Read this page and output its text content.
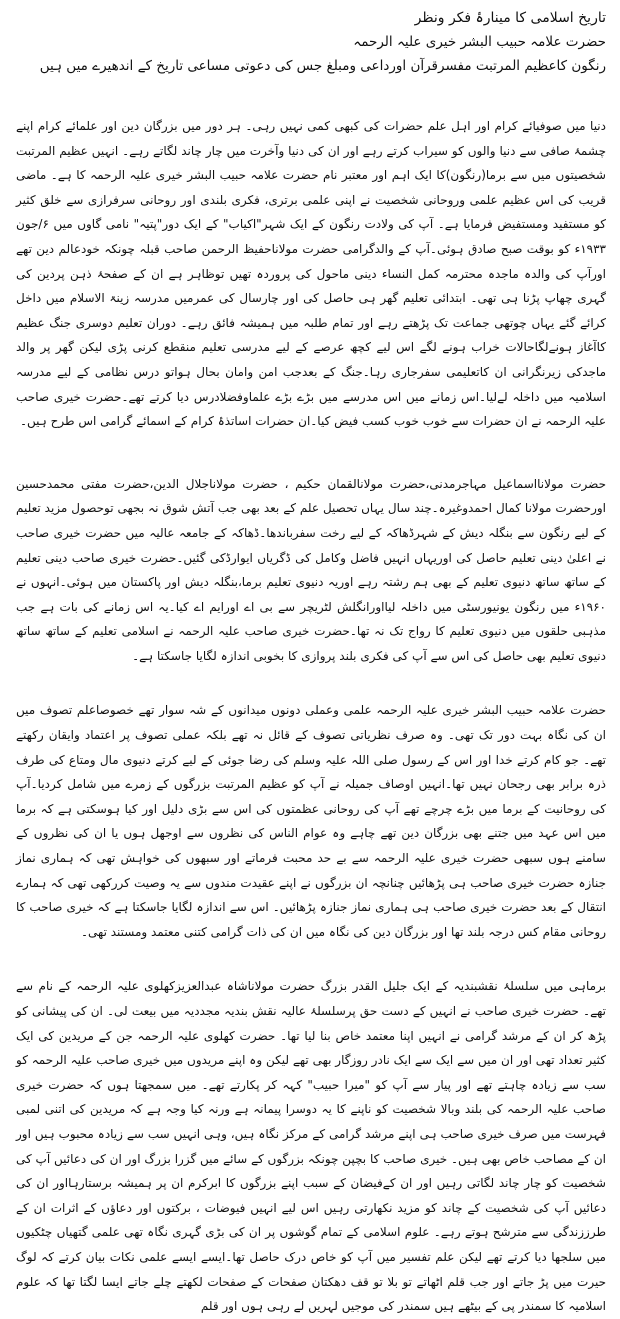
تاریخ اسلامی کا مینارۂ فکر ونظر

حضرت علامہ حبیب البشر خیری علیہ الرحمہ

رنگون کاعظیم المرتبت مفسرقرآن اورداعی ومبلغ جس کی دعوتی مساعی تاریخ کے اندھیرے میں ہیں

دنیا میں صوفیائے کرام اور اہل علم حضرات کی کبھی کمی نہیں رہی۔ ہر دور میں بزرگان دین اور علمائے کرام اپنے چشمۂ صافی سے دنیا والوں کو سیراب کرتے رہے اور ان کی دنیا وآخرت میں چار چاند لگاتے رہے۔ انہیں عظیم المرتبت شخصیتوں میں سے برما(رنگون)کا ایک اہم اور معتبر نام حضرت علامہ حبیب البشر خیری علیہ الرحمہ کا ہے۔ ماضی قریب کی اس عظیم علمی وروحانی شخصیت نے اپنی علمی برتری، فکری بلندی اور روحانی سرفرازی سے خلق کثیر کو مستفید ومستفیض فرمایا ہے۔ آپ کی ولادت رنگون کے ایک شہر"اکیاب" کے ایک دور"پتیہ" نامی گاوں میں ۶/جون ۱۹۳۳ء کو بوقت صبح صادق ہوئی۔آپ کے والدگرامی حضرت مولاناحفیظ الرحمن صاحب قبلہ چونکہ خودعالم دین تھے اورآپ کی والدہ ماجدہ محترمہ کمل النساء دینی ماحول کی پروردہ تھیں توظاہر ہے ان کے صفحۂ ذہن پردین کی گہری چھاپ پڑنا ہی تھی۔ ابتدائی تعلیم گھر ہی حاصل کی اور چارسال کی عمرمیں مدرسہ زینۃ الاسلام میں داخل کرائے گئے یہاں چوتھی جماعت تک پڑھتے رہے اور تمام طلبہ میں ہمیشہ فائق رہے۔ دوران تعلیم دوسری جنگ عظیم کاآغاز ہونےلگاحالات خراب ہونے لگے اس لیے کچھ عرصے کے لیے مدرسی تعلیم منقطع کرنی پڑی لیکن گھر پر والد ماجدکی زیرنگرانی ان کاتعلیمی سفرجاری رہا۔جنگ کے بعدجب امن وامان بحال ہواتو درس نظامی کے لیے مدرسہ اسلامیہ میں داخلہ لےلیا۔اس زمانے میں اس مدرسے میں بڑے بڑے علماوفضلادرس دیا کرتے تھے۔حضرت خیری صاحب علیہ الرحمہ نے ان حضرات سے خوب خوب کسب فیض کیا۔ان حضرات اساتذۂ کرام کے اسمائے گرامی اس طرح ہیں۔

حضرت مولانااسماعیل مہاجرمدنی،حضرت مولانالقمان حکیم ، حضرت مولاناجلال الدین،حضرت مفتی محمدحسین اورحضرت مولانا کمال احمدوغیرہ۔چند سال یہاں تحصیل علم کے بعد بھی جب آتش شوق نہ بجھی توحصول مزید تعلیم کے لیے رنگون سے بنگلہ دیش کے شہرڈھاکہ کے لیے رخت سفرباندھا۔ڈھاکہ کے جامعہ عالیہ میں حضرت خیری صاحب نے اعلیٰ دینی تعلیم حاصل کی اوریہاں انہیں فاضل وکامل کی ڈگریاں ایوارڈکی گئیں۔حضرت خیری صاحب دینی تعلیم کے ساتھ ساتھ دنیوی تعلیم کے بھی ہم رشتہ رہے اوریہ دنیوی تعلیم برما،بنگلہ دیش اور پاکستان میں ہوئی۔انہوں نے ۱۹۶۰ء میں رنگون یونیورسٹی میں داخلہ لیااورانگلش لٹریچر سے بی اے اورایم اے کیا۔یہ اس زمانے کی بات ہے جب مذہبی حلقوں میں دنیوی تعلیم کا رواج تک نہ تھا۔حضرت خیری صاحب علیہ الرحمہ نے اسلامی تعلیم کے ساتھ ساتھ دنیوی تعلیم بھی حاصل کی اس سے آپ کی فکری بلند پروازی کا بخوبی اندازہ لگایا جاسکتا ہے۔

حضرت علامہ حبیب البشر خیری علیہ الرحمہ علمی وعملی دونوں میدانوں کے شہ سوار تھے خصوصاعلم تصوف میں ان کی نگاہ بہت دور تک تھی۔ وہ صرف نظریاتی تصوف کے قائل نہ تھے بلکہ عملی تصوف پر اعتماد وایقان رکھتے تھے۔ جو کام کرتے خدا اور اس کے رسول صلی اللہ علیہ وسلم کی رضا جوئی کے لیے کرتے دنیوی مال ومتاع کی طرف ذرہ برابر بھی رجحان نہیں تھا۔انہیں اوصاف جمیلہ نے آپ کو عظیم المرتبت بزرگوں کے زمرے میں شامل کردیا۔آپ کی روحانیت کے برما میں بڑے چرچے تھے آپ کی روحانی عظمتوں کی اس سے بڑی دلیل اور کیا ہوسکتی ہے کہ برما میں اس عہد میں جتنے بھی بزرگان دین تھے چاہے وہ عوام الناس کی نظروں سے اوجھل ہوں یا ان کی نظروں کے سامنے ہوں سبھی حضرت خیری علیہ الرحمہ سے بے حد محبت فرماتے اور سبھوں کی خواہش تھی کہ ہماری نماز جنازہ حضرت خیری صاحب ہی پڑھائیں چنانچہ ان بزرگوں نے اپنے عقیدت مندوں سے یہ وصیت کررکھی تھی کہ ہمارے انتقال کے بعد حضرت خیری صاحب ہی ہماری نماز جنازہ پڑھائیں۔ اس سے اندازہ لگایا جاسکتا ہے کہ خیری صاحب کا روحانی مقام کس درجہ بلند تھا اور بزرگان دین کی نگاہ میں ان کی ذات گرامی کتنی معتمد ومستند تھی۔

برماہی میں سلسلۂ نقشبندیہ کے ایک جلیل القدر بزرگ حضرت مولاناشاہ عبدالعزیزکھلوی علیہ الرحمہ کے نام سے تھے۔ حضرت خیری صاحب نے انہیں کے دست حق پرسلسلۂ عالیہ نقش بندیہ مجددیہ میں بیعت لی۔ ان کی پیشانی کو پڑھ کر ان کے مرشد گرامی نے انہیں اپنا معتمد خاص بنا لیا تھا۔ حضرت کھلوی علیہ الرحمہ جن کے مریدین کی ایک کثیر تعداد تھی اور ان میں سے ایک سے ایک نادر روزگار بھی تھے لیکن وہ اپنے مریدوں میں خیری صاحب علیہ الرحمہ کو سب سے زیادہ چاہتے تھے اور پیار سے آپ کو "میرا حبیب" کہہ کر پکارتے تھے۔ میں سمجھتا ہوں کہ حضرت خیری صاحب علیہ الرحمہ کی بلند وبالا شخصیت کو ناپنے کا یہ دوسرا پیمانہ ہے ورنہ کیا وجہ ہے کہ مریدین کی اتنی لمبی فہرست میں صرف خیری صاحب ہی اپنے مرشد گرامی کے مرکز نگاہ ہیں، وہی انہیں سب سے زیادہ محبوب ہیں اور ان کے مصاحب خاص بھی ہیں۔ خیری صاحب کا بچپن چونکہ بزرگوں کے سائے میں گزرا بزرگ اور ان کی دعائیں آپ کی شخصیت کو چار چاند لگاتی رہیں اور ان کےفیضان کے سبب اپنے بزرگوں کا ابرکرم ان پر ہمیشہ برستارہااور ان کی دعائیں آپ کی شخصیت کے چاند کو مزید نکھارتی رہیں اس لیے انہیں فیوضات ، برکتوں اور دعاؤں کے اثرات ان کے طرززندگی سے مترشح ہوتے رہے۔ علوم اسلامی کے تمام گوشوں پر ان کی بڑی گہری نگاہ تھی علمی گتھیاں چٹکیوں میں سلجھا دیا کرتے تھے لیکن علم تفسیر میں آپ کو خاص درک حاصل تھا۔ایسے ایسے علمی نکات بیان کرتے کہ لوگ حیرت میں پڑ جاتے اور جب قلم اٹھاتے تو بلا تو قف دھکتان صفحات کے صفحات لکھتے چلے جاتے ایسا لگتا تھا کہ علوم اسلامیہ کا سمندر پی کے بیٹھے ہیں سمندر کی موجیں لہریں لے رہی ہوں اور قلم
